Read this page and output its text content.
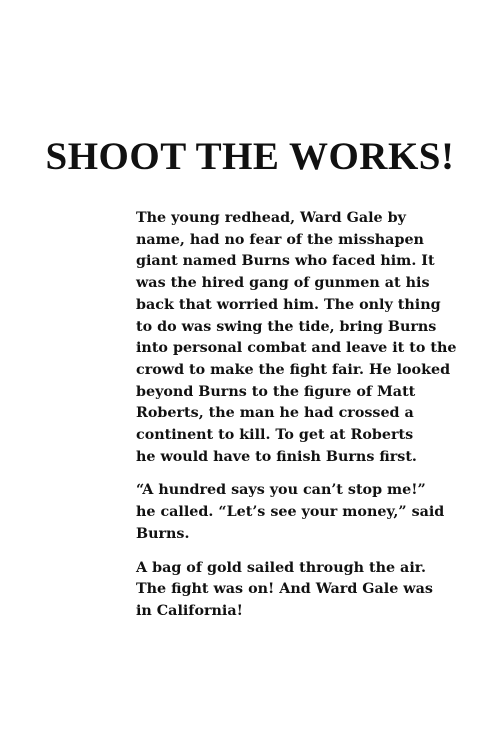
SHOOT THE WORKS!

The young redhead, Ward Gale by
name, had no fear of the misshapen
giant named Burns who faced him. It
was the hired gang of gunmen at his
back that worried him. The only thing
to do was swing the tide, bring Burns
into personal combat and leave it to the
crowd to make the fight fair. He looked
beyond Burns to the figure of Matt
Roberts, the man he had crossed a
continent to kill. To get at Roberts
he would have to finish Burns first.

“A hundred says you can’t stop me!”
he called. “Let’s see your money,” said
Burns.

A bag of gold sailed through the air.
The fight was on! And Ward Gale was
in California!
